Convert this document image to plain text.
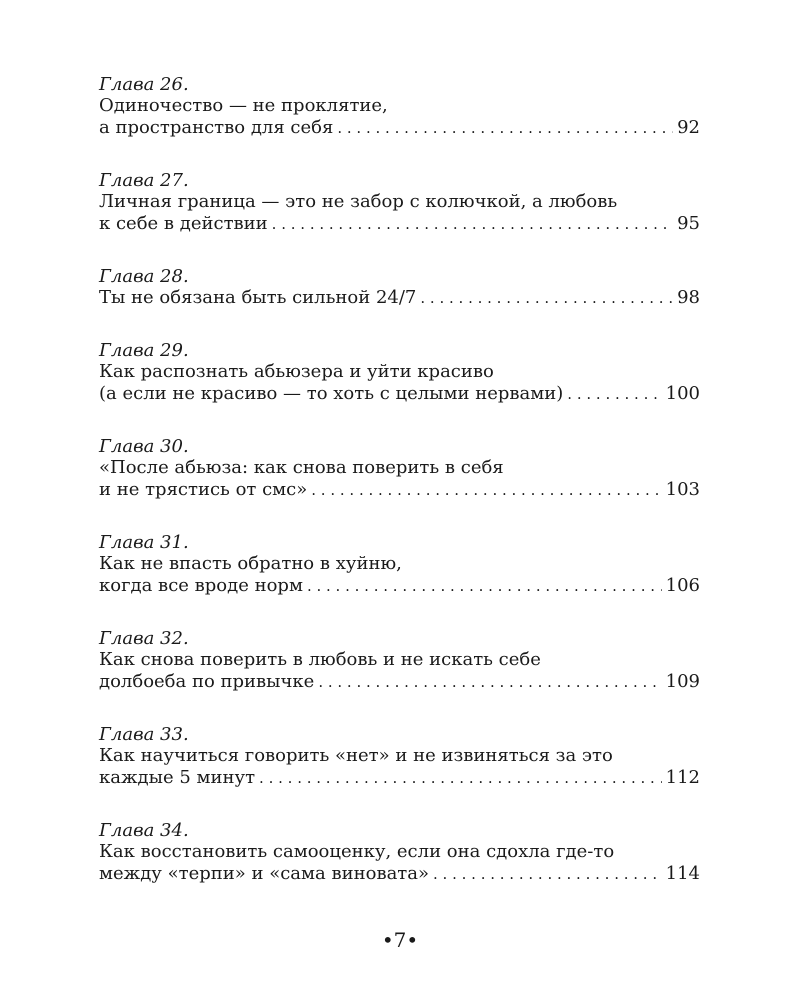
Глава 26.
Одиночество — не проклятие,
а пространство для себя . . .	92
Глава 27.
Личная граница — это не забор с колючкой, а любовь
к себе в действии . . .	95
Глава 28.
Ты не обязана быть сильной 24/7 . . .	98
Глава 29.
Как распознать абьюзера и уйти красиво
(а если не красиво — то хоть с целыми нервами) . . .	100
Глава 30.
«После абьюза: как снова поверить в себя
и не трястись от смс» . . .	103
Глава 31.
Как не впасть обратно в хуйню,
когда все вроде норм . . .	106
Глава 32.
Как снова поверить в любовь и не искать себе
долбоеба по привычке . . .	109
Глава 33.
Как научиться говорить «нет» и не извиняться за это
каждые 5 минут . . .	112
Глава 34.
Как восстановить самооценку, если она сдохла где-то
между «терпи» и «сама виновата» . . .	114
•7•
